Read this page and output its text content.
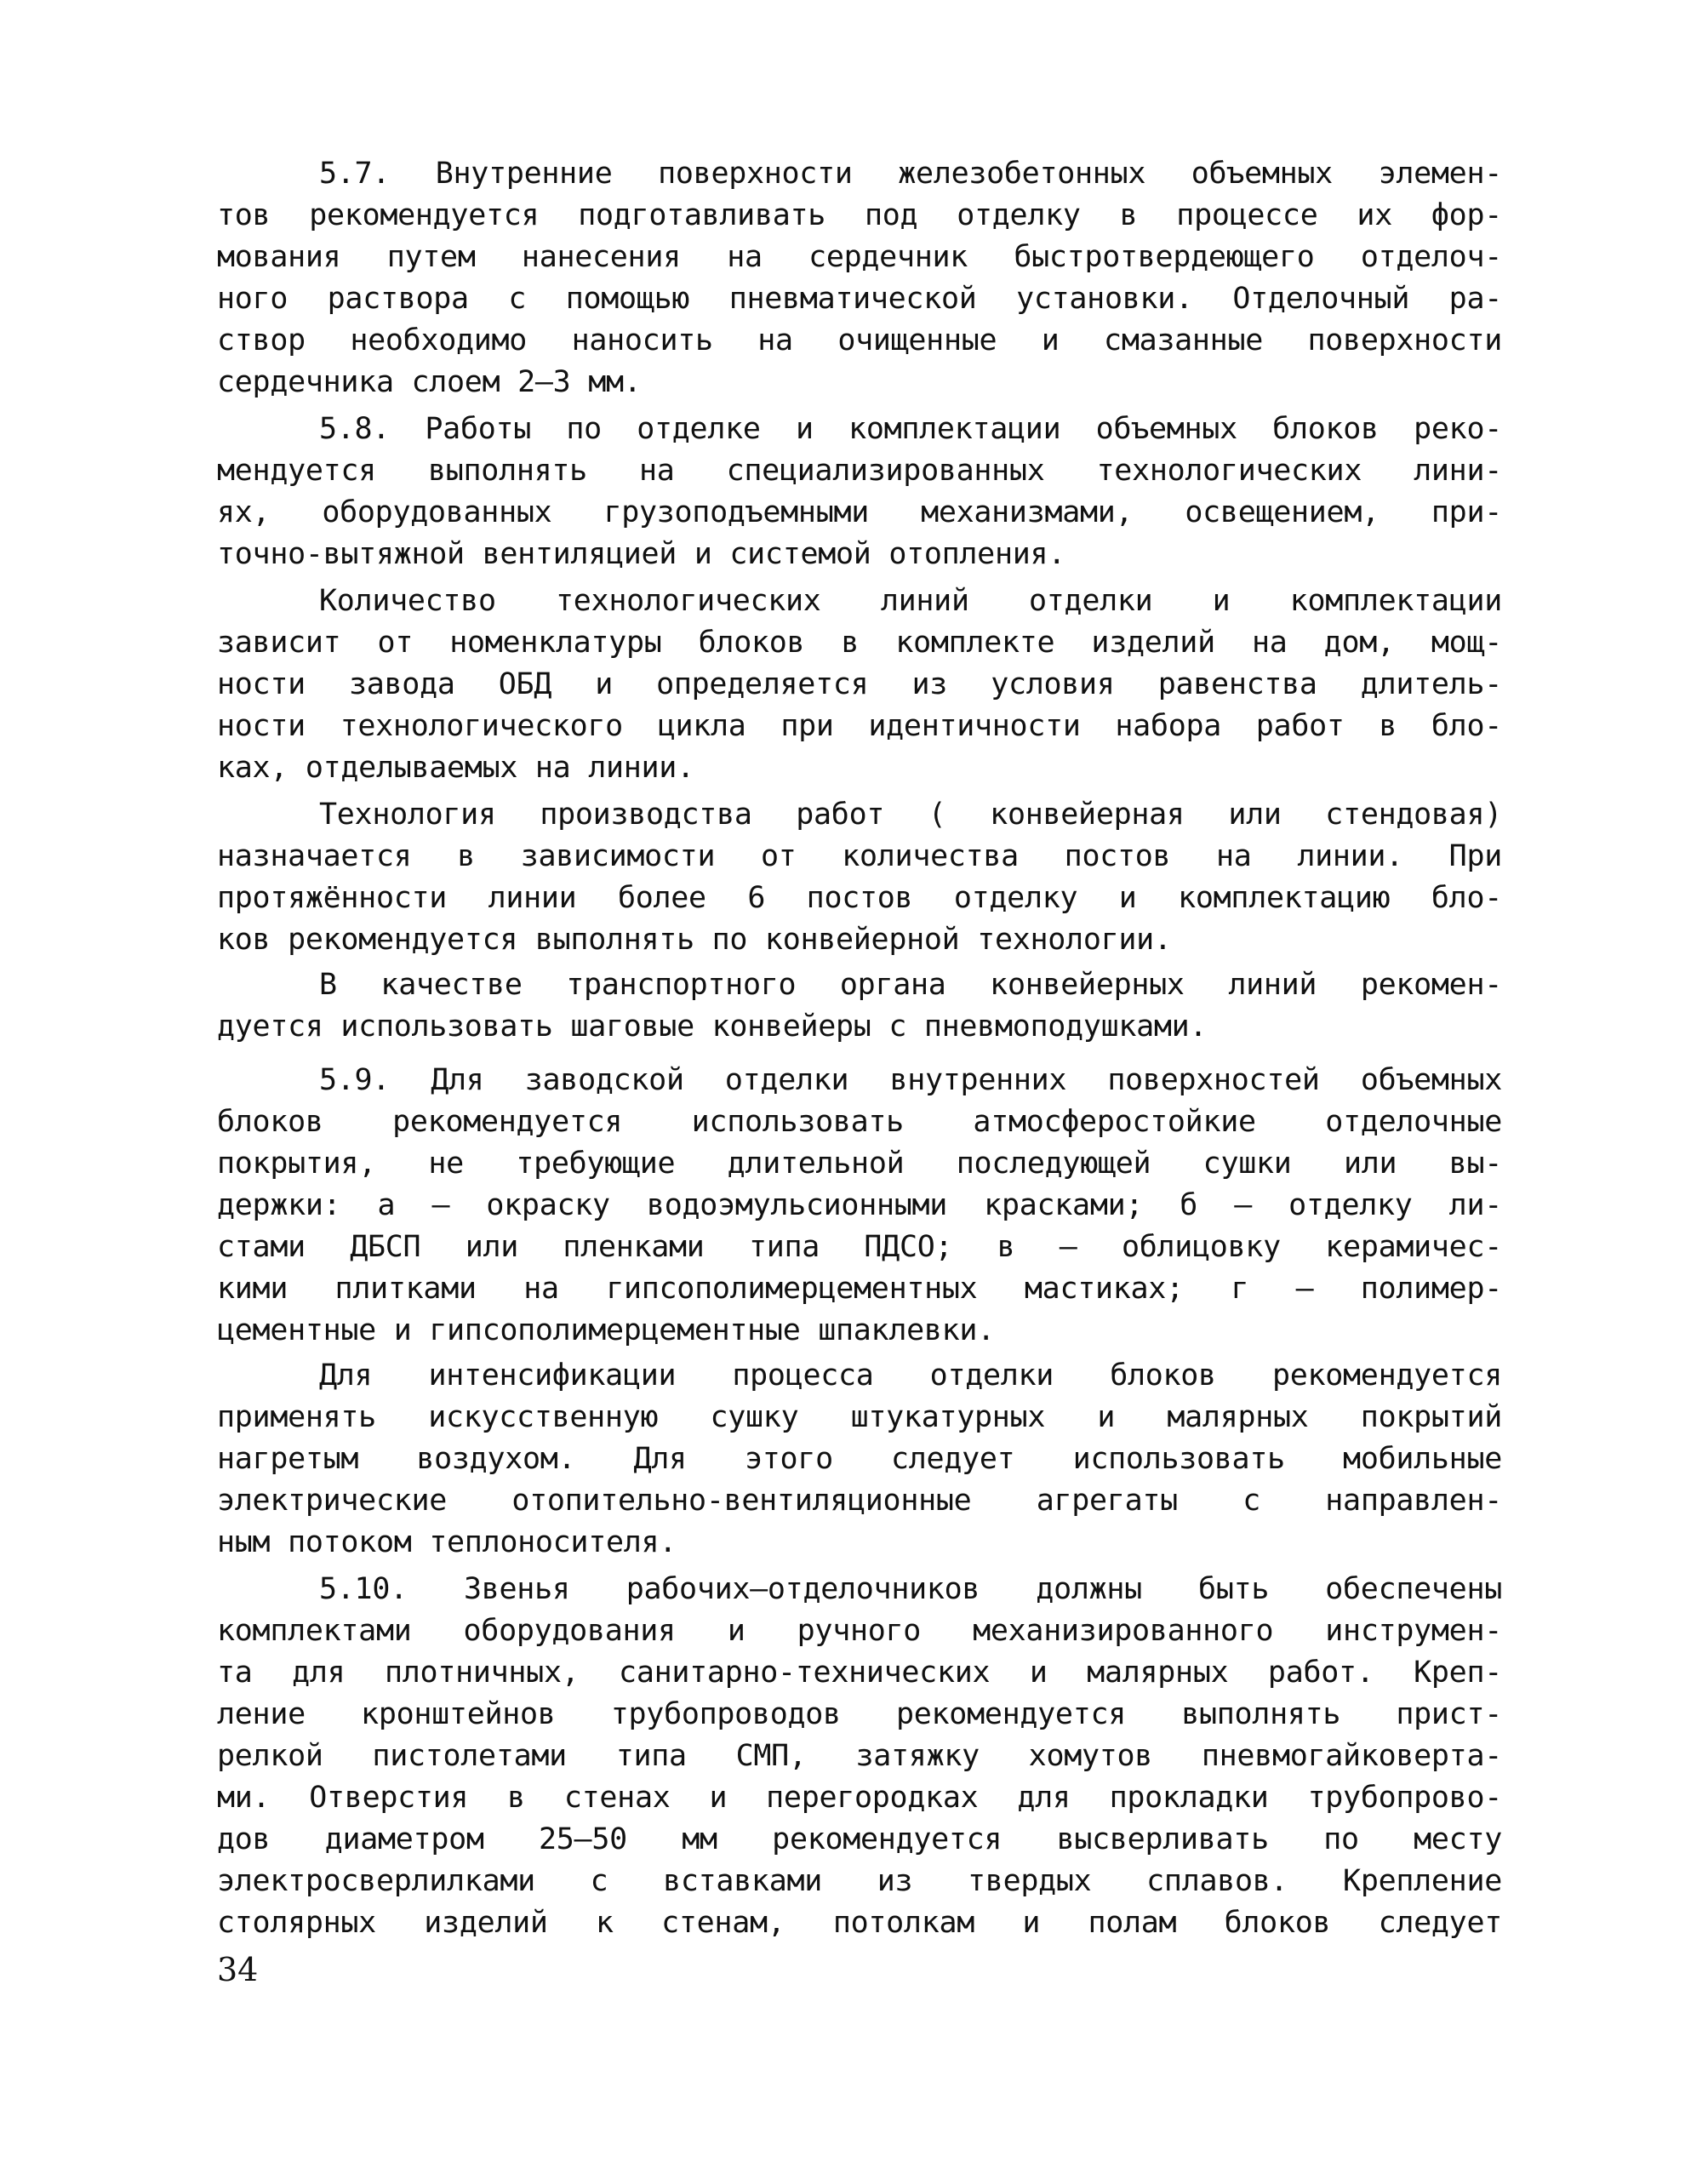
5.7. Внутренние поверхности железобетонных объемных элемен-
тов рекомендуется подготавливать под отделку в процессе их фор-
мования путем нанесения на сердечник быстротвердеющего отделоч-
ного раствора с помощью пневматической установки. Отделочный ра-
створ необходимо наносить на очищенные и смазанные поверхности
сердечника слоем 2–3 мм.
5.8. Работы по отделке и комплектации объемных блоков реко-
мендуется выполнять на специализированных технологических лини-
ях, оборудованных грузоподъемными механизмами, освещением, при-
точно-вытяжной вентиляцией и системой отопления.
Количество технологических линий отделки и комплектации
зависит от номенклатуры блоков в комплекте изделий на дом, мощ-
ности завода ОБД и определяется из условия равенства длитель-
ности технологического цикла при идентичности набора работ в бло-
ках, отделываемых на линии.
Технология производства работ ( конвейерная или стендовая)
назначается в зависимости от количества постов на линии. При
протяжённости линии более 6 постов отделку и комплектацию бло-
ков рекомендуется выполнять по конвейерной технологии.
В качестве транспортного органа конвейерных линий рекомен-
дуется использовать шаговые конвейеры с пневмоподушками.
5.9. Для заводской отделки внутренних поверхностей объемных
блоков рекомендуется использовать атмосферостойкие отделочные
покрытия, не требующие длительной последующей сушки или вы-
держки: а – окраску водоэмульсионными красками; б – отделку ли-
стами ДБСП или пленками типа ПДСО; в – облицовку керамичес-
кими плитками на гипсополимерцементных мастиках; г – полимер-
цементные и гипсополимерцементные шпаклевки.
Для интенсификации процесса отделки блоков рекомендуется
применять искусственную сушку штукатурных и малярных покрытий
нагретым воздухом. Для этого следует использовать мобильные
электрические отопительно-вентиляционные агрегаты с направлен-
ным потоком теплоносителя.
5.10. Звенья рабочих–отделочников должны быть обеспечены
комплектами оборудования и ручного механизированного инструмен-
та для плотничных, санитарно-технических и малярных работ. Креп-
ление кронштейнов трубопроводов рекомендуется выполнять прист-
релкой пистолетами типа СМП, затяжку хомутов пневмогайковерта-
ми. Отверстия в стенах и перегородках для прокладки трубопрово-
дов диаметром 25–50 мм рекомендуется высверливать по месту
электросверлилками с вставками из твердых сплавов. Крепление
столярных изделий к стенам, потолкам и полам блоков следует
34
